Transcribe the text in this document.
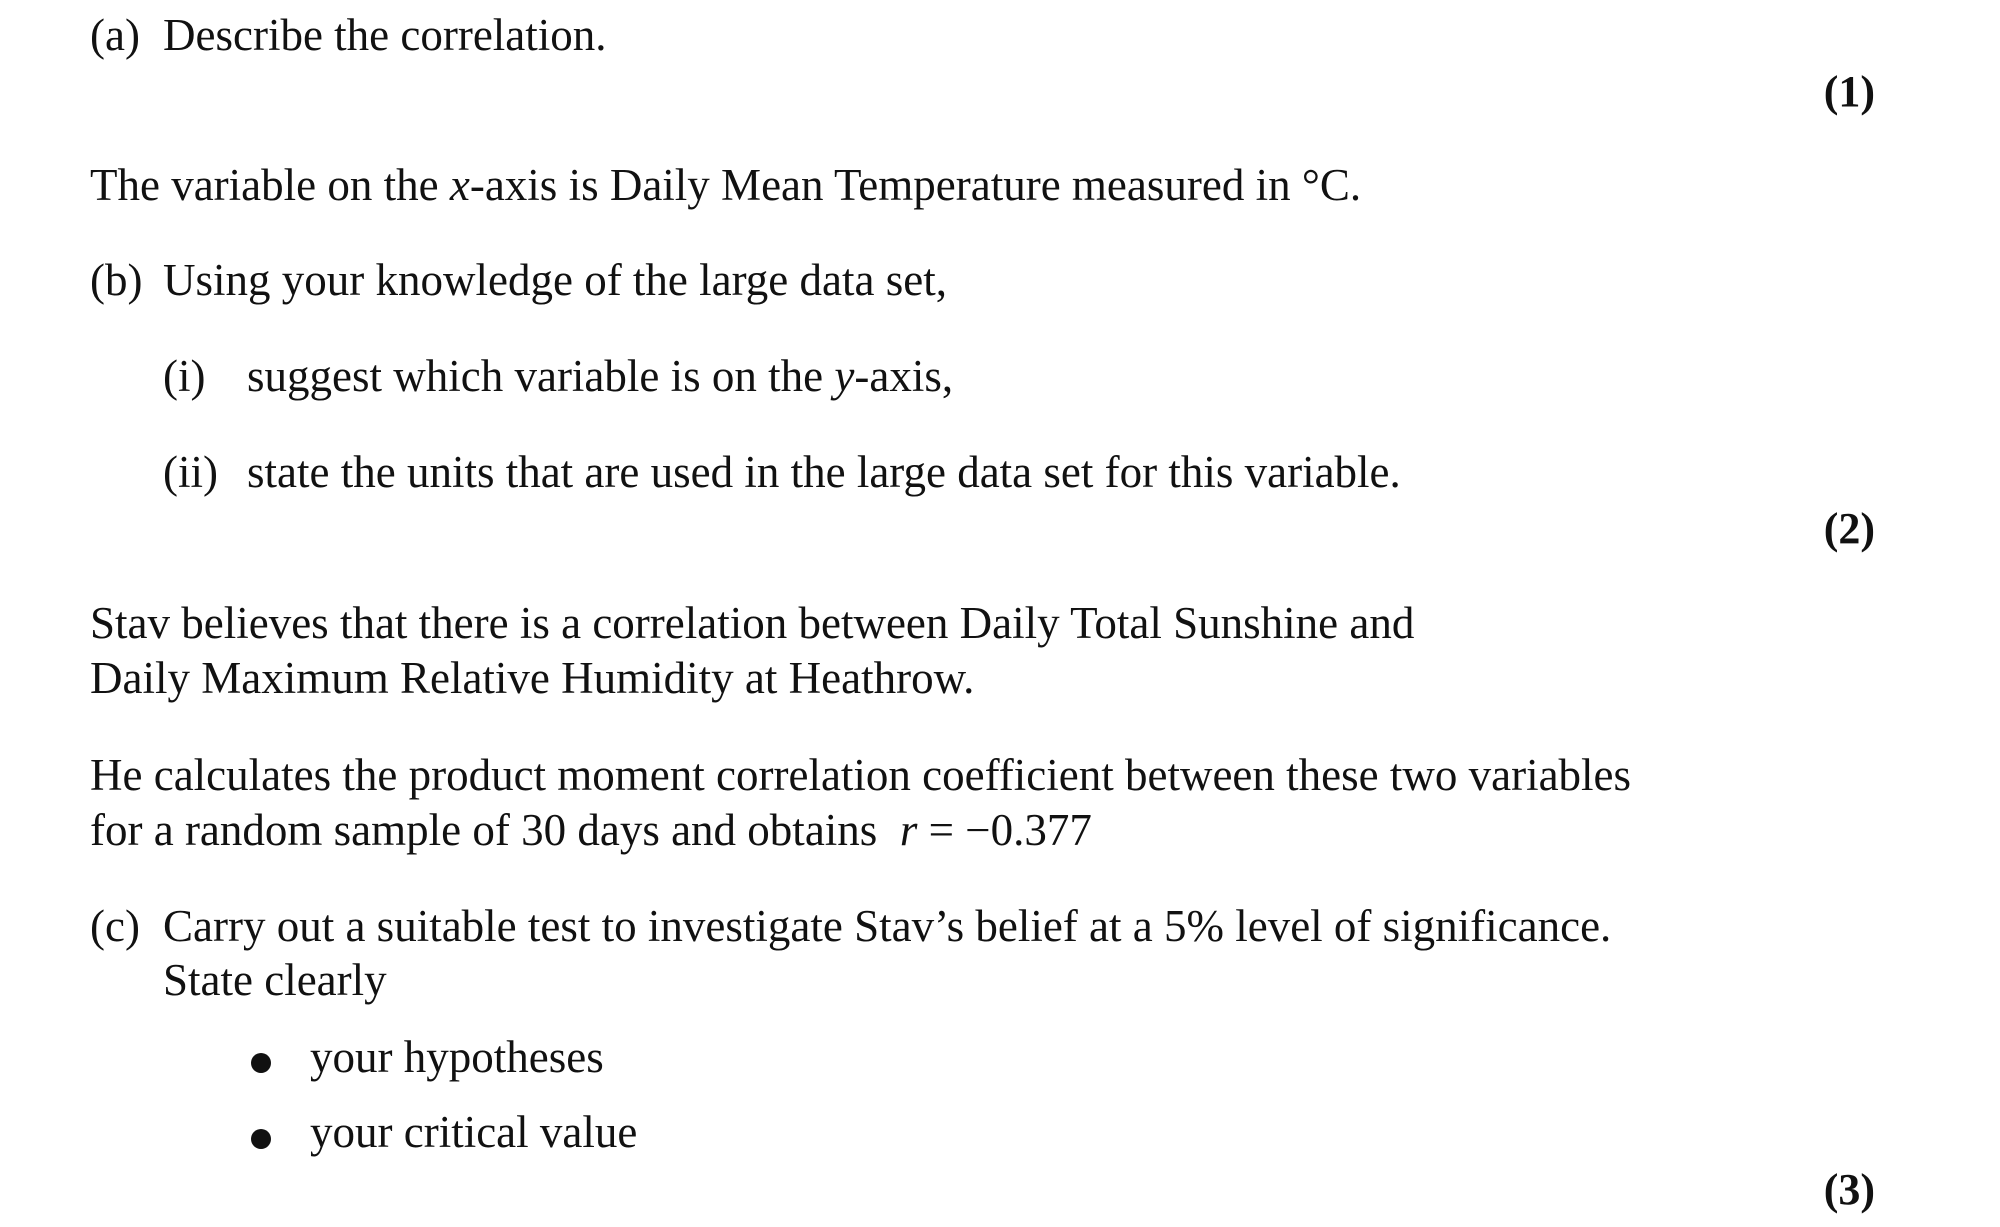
(a) Describe the correlation.
(1)
The variable on the x-axis is Daily Mean Temperature measured in °C.
(b) Using your knowledge of the large data set,
(i) suggest which variable is on the y-axis,
(ii) state the units that are used in the large data set for this variable.
(2)
Stav believes that there is a correlation between Daily Total Sunshine and
Daily Maximum Relative Humidity at Heathrow.
He calculates the product moment correlation coefficient between these two variables
for a random sample of 30 days and obtains  r = −0.377
(c) Carry out a suitable test to investigate Stav’s belief at a 5% level of significance.
State clearly
your hypotheses
your critical value
(3)
